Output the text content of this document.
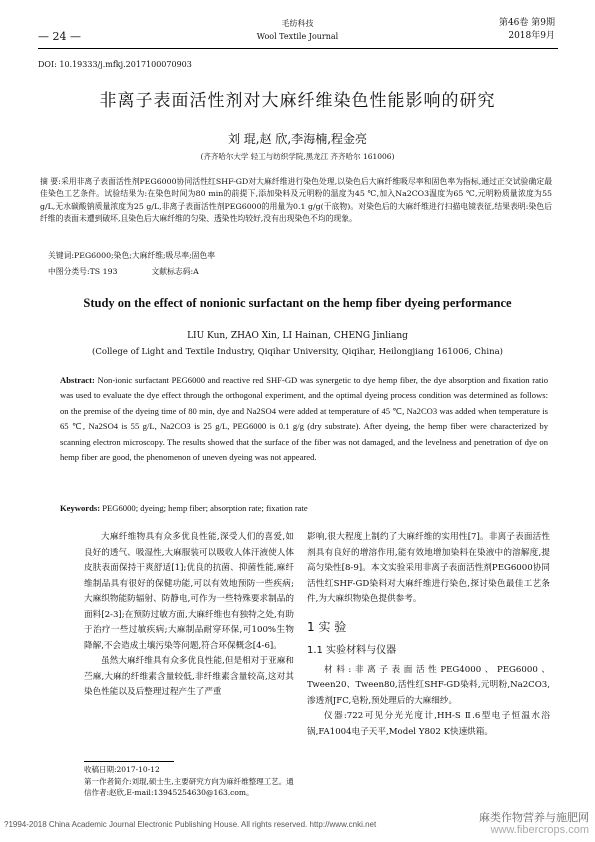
— 24 —
毛纺科技
Wool Textile Journal
第46卷 第9期
2018年9月
DOI: 10.19333/j.mfkj.2017100070903
非离子表面活性剂对大麻纤维染色性能影响的研究
刘 琨,赵 欣,李海楠,程金亮
(齐齐哈尔大学 轻工与纺织学院,黑龙江 齐齐哈尔 161006)
摘 要:采用非离子表面活性剂PEG6000协同活性红SHF-GD对大麻纤维进行染色处理,以染色后大麻纤维吸尽率和固色率为指标,通过正交试验确定最佳染色工艺条件。试验结果为:在染色时间为80 min的前提下,添加染料及元明粉的温度为45 ℃,加入Na2CO3温度为65 ℃,元明粉质量浓度为55 g/L,无水碳酸钠质量浓度为25 g/L,非离子表面活性剂PEG6000的用量为0.1 g/g(干底物)。对染色后的大麻纤维进行扫描电镜表征,结果表明:染色后纤维的表面未遭到破坏,且染色后大麻纤维的匀染、透染性均较好,没有出现染色不均的现象。
关键词:PEG6000;染色;大麻纤维;吸尽率;固色率
中图分类号:TS 193	文献标志码:A
Study on the effect of nonionic surfactant on the hemp fiber dyeing performance
LIU Kun, ZHAO Xin, LI Hainan, CHENG Jinliang
(College of Light and Textile Industry, Qiqihar University, Qiqihar, Heilongjiang 161006, China)
Abstract: Non-ionic surfactant PEG6000 and reactive red SHF-GD was synergetic to dye hemp fiber, the dye absorption and fixation ratio was used to evaluate the dye effect through the orthogonal experiment, and the optimal dyeing process condition was determined as follows: on the premise of the dyeing time of 80 min, dye and Na2SO4 were added at temperature of 45 ℃, Na2CO3 was added when temperature is 65 ℃, Na2SO4 is 55 g/L, Na2CO3 is 25 g/L, PEG6000 is 0.1 g/g (dry substrate). After dyeing, the hemp fiber were characterized by scanning electron microscopy. The results showed that the surface of the fiber was not damaged, and the levelness and penetration of dye on hemp fiber are good, the phenomenon of uneven dyeing was not appeared.
Keywords: PEG6000; dyeing; hemp fiber; absorption rate; fixation rate

大麻纤维物具有众多优良性能,深受人们的喜爱,如良好的透气、吸湿性,大麻服装可以吸收人体汗液使人体皮肤表面保持干爽舒适[1];优良的抗菌、抑菌性能,麻纤维制品具有很好的保健功能,可以有效地预防一些疾病;大麻织物能防辐射、防静电,可作为一些特殊要求制品的面料[2-3];在预防过敏方面,大麻纤维也有独特之处,有助于治疗一些过敏疾病;大麻制品耐穿环保,可100%生物降解,不会造成土壤污染等问题,符合环保概念[4-6]。

虽然大麻纤维具有众多优良性能,但是相对于亚麻和苎麻,大麻的纤维素含量较低,非纤维素含量较高,这对其染色性能以及后整理过程产生了严重

影响,很大程度上制约了大麻纤维的实用性[7]。非离子表面活性剂具有良好的增溶作用,能有效地增加染料在染液中的溶解度,提高匀染性[8-9]。本文实验采用非离子表面活性剂PEG6000协同活性红SHF-GD染料对大麻纤维进行染色,探讨染色最佳工艺条件,为大麻织物染色提供参考。

1 实 验
1.1 实验材料与仪器

材料:非离子表面活性PEG4000、PEG6000、Tween20、Tween80,活性红SHF-GD染料,元明粉,Na2CO3,渗透剂JFC,皂粉,预处理后的大麻细纱。

仪器:722可见分光光度计,HH-S Ⅱ.6型电子恒温水浴锅,FA1004电子天平,Model Y802 K快速烘箱。

收稿日期:2017-10-12
第一作者简介:刘琨,硕士生,主要研究方向为麻纤维整理工艺。通信作者:赵欣,E-mail:13945254630@163.com。
?1994-2018 China Academic Journal Electronic Publishing House. All rights reserved. http://www.cnki.net
麻类作物营养与施肥网
www.fibercrops.com
